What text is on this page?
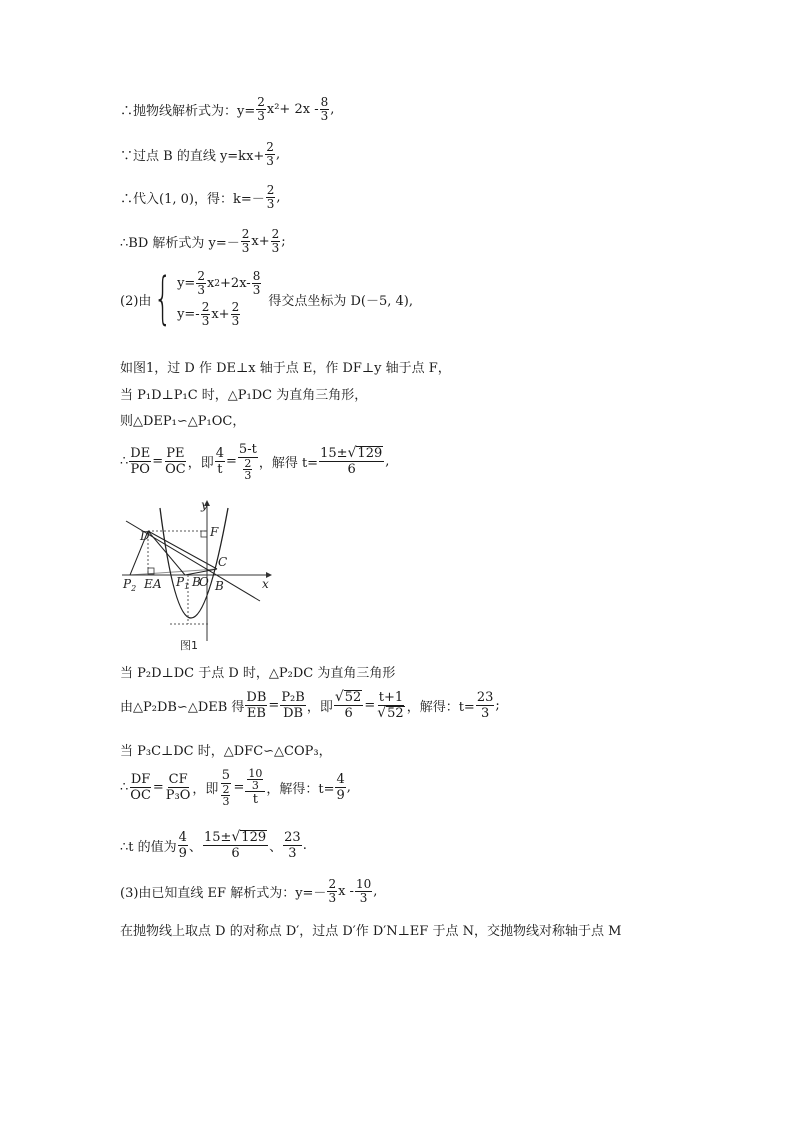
∴抛物线解析式为：$y= \frac{2}{3} x^2+ 2x - \frac{8}{3}$ ,
∵过点 B 的直线 $y=kx+ \frac{2}{3}$ ,
∴代入(1, 0)，得：$k=- \frac{2}{3}$ ,
∴BD 解析式为 $y=- \frac{2}{3} x+ \frac{2}{3}$ ;
(2)由 { $y= \frac{2}{3}$ x $2 +2x- \frac{8}{3}$
$y=- \frac{2}{3} x+ \frac{2}{3}$ 得交点坐标为 D(－5, 4),
如图1，过 D 作 DE⊥x 轴于点 E，作 DF⊥y 轴于点 F，
当 P₁D⊥P₁C 时，△P₁DC 为直角三角形，
则△DEP₁∽△P₁OC，
∴ $\frac{DE}{PO} = \frac{PE}{OC}$ ，即 $\frac{4}{t} = \frac{5-t}{\frac{2}{3}}$ ，解得 $t= \frac{15\pm √ 129}{6}$ ,
D	F
C
$P_2$ E A $P_1$ B
O B	x
y
图1
当 P₂D⊥DC 于点 D 时，△P₂DC 为直角三角形
由△P₂DB∽△DEB 得 $\frac{DB}{EB} = \frac{\text{P₂B}}{DB}$ ，即 $\frac{√ 52}{6} = \frac{t+1}{√ 52}$ ，解得：$t= \frac{23}{3}$ ;
当 P₃C⊥DC 时，△DFC∽△COP₃，
∴ $\frac{DF}{OC} = \frac{CF}{\text{P₃O}}$ ，即 $\frac{5}{\frac{2}{3}} = \frac{\frac{10}{3}}{t}$ ，解得：$t= \frac{4}{9}$ ,
∴t 的值为 $\frac{4}{9}$ 、 $\frac{15\pm √ 129}{6}$ 、 $\frac{23}{3}$ .
(3)由已知直线 EF 解析式为：$y=- \frac{2}{3}$ x - $\frac{10}{3}$ ,
在抛物线上取点 D 的对称点 D′，过点 D′作 D′N⊥EF 于点 N，交抛物线对称轴于点 M
